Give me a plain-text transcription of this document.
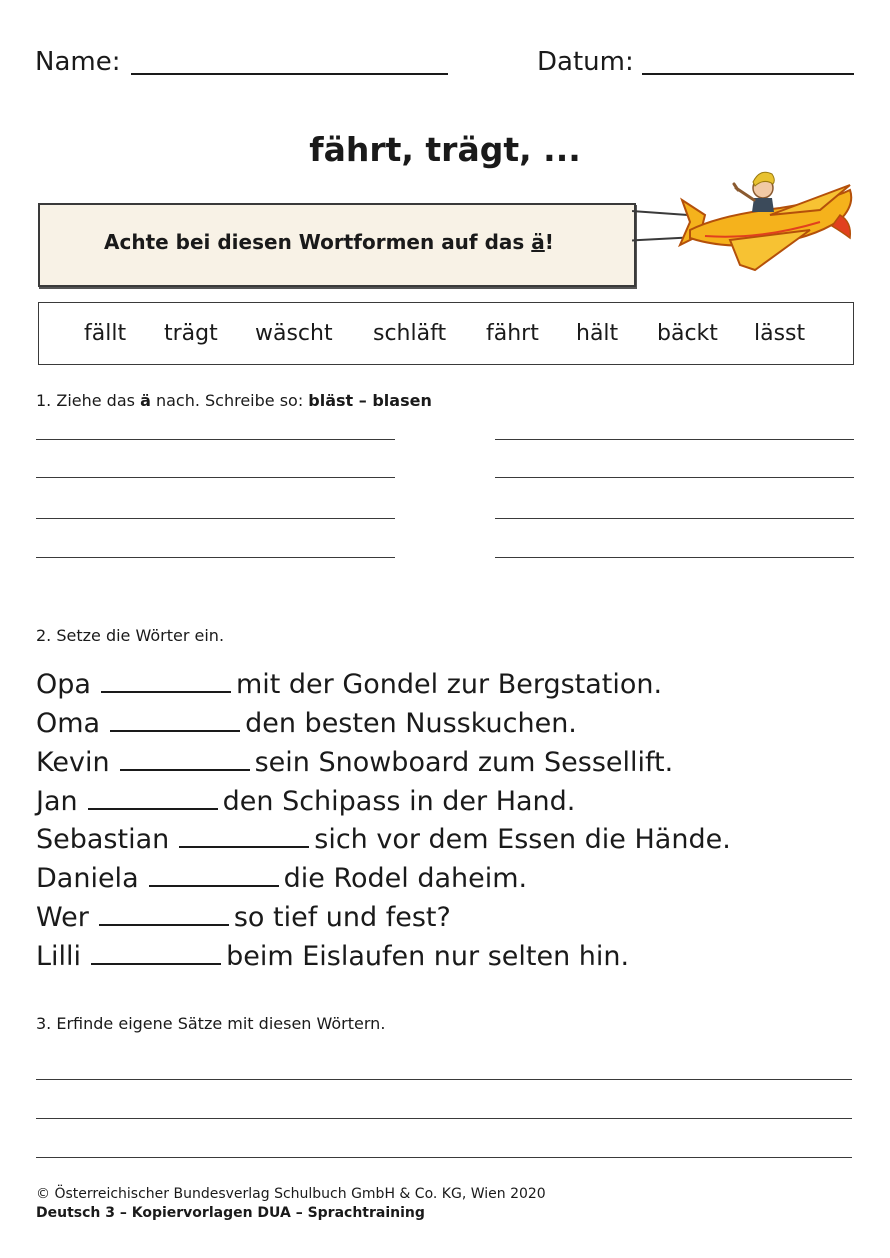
Name:	Datum:
fährt, trägt, ...
Achte bei diesen Wortformen auf das ä!
fällt trägt wäscht schläft fährt hält bäckt lässt
1. Ziehe das ä nach. Schreibe so: bläst – blasen
2. Setze die Wörter ein.
Opa	mit der Gondel zur Bergstation.
Oma	den besten Nusskuchen.
Kevin	sein Snowboard zum Sessellift.
Jan	den Schipass in der Hand.
Sebastian	sich vor dem Essen die Hände.
Daniela	die Rodel daheim.
Wer	so tief und fest?
Lilli	beim Eislaufen nur selten hin.
3. Erfinde eigene Sätze mit diesen Wörtern.
© Österreichischer Bundesverlag Schulbuch GmbH & Co. KG, Wien 2020
Deutsch 3 – Kopiervorlagen DUA – Sprachtraining
